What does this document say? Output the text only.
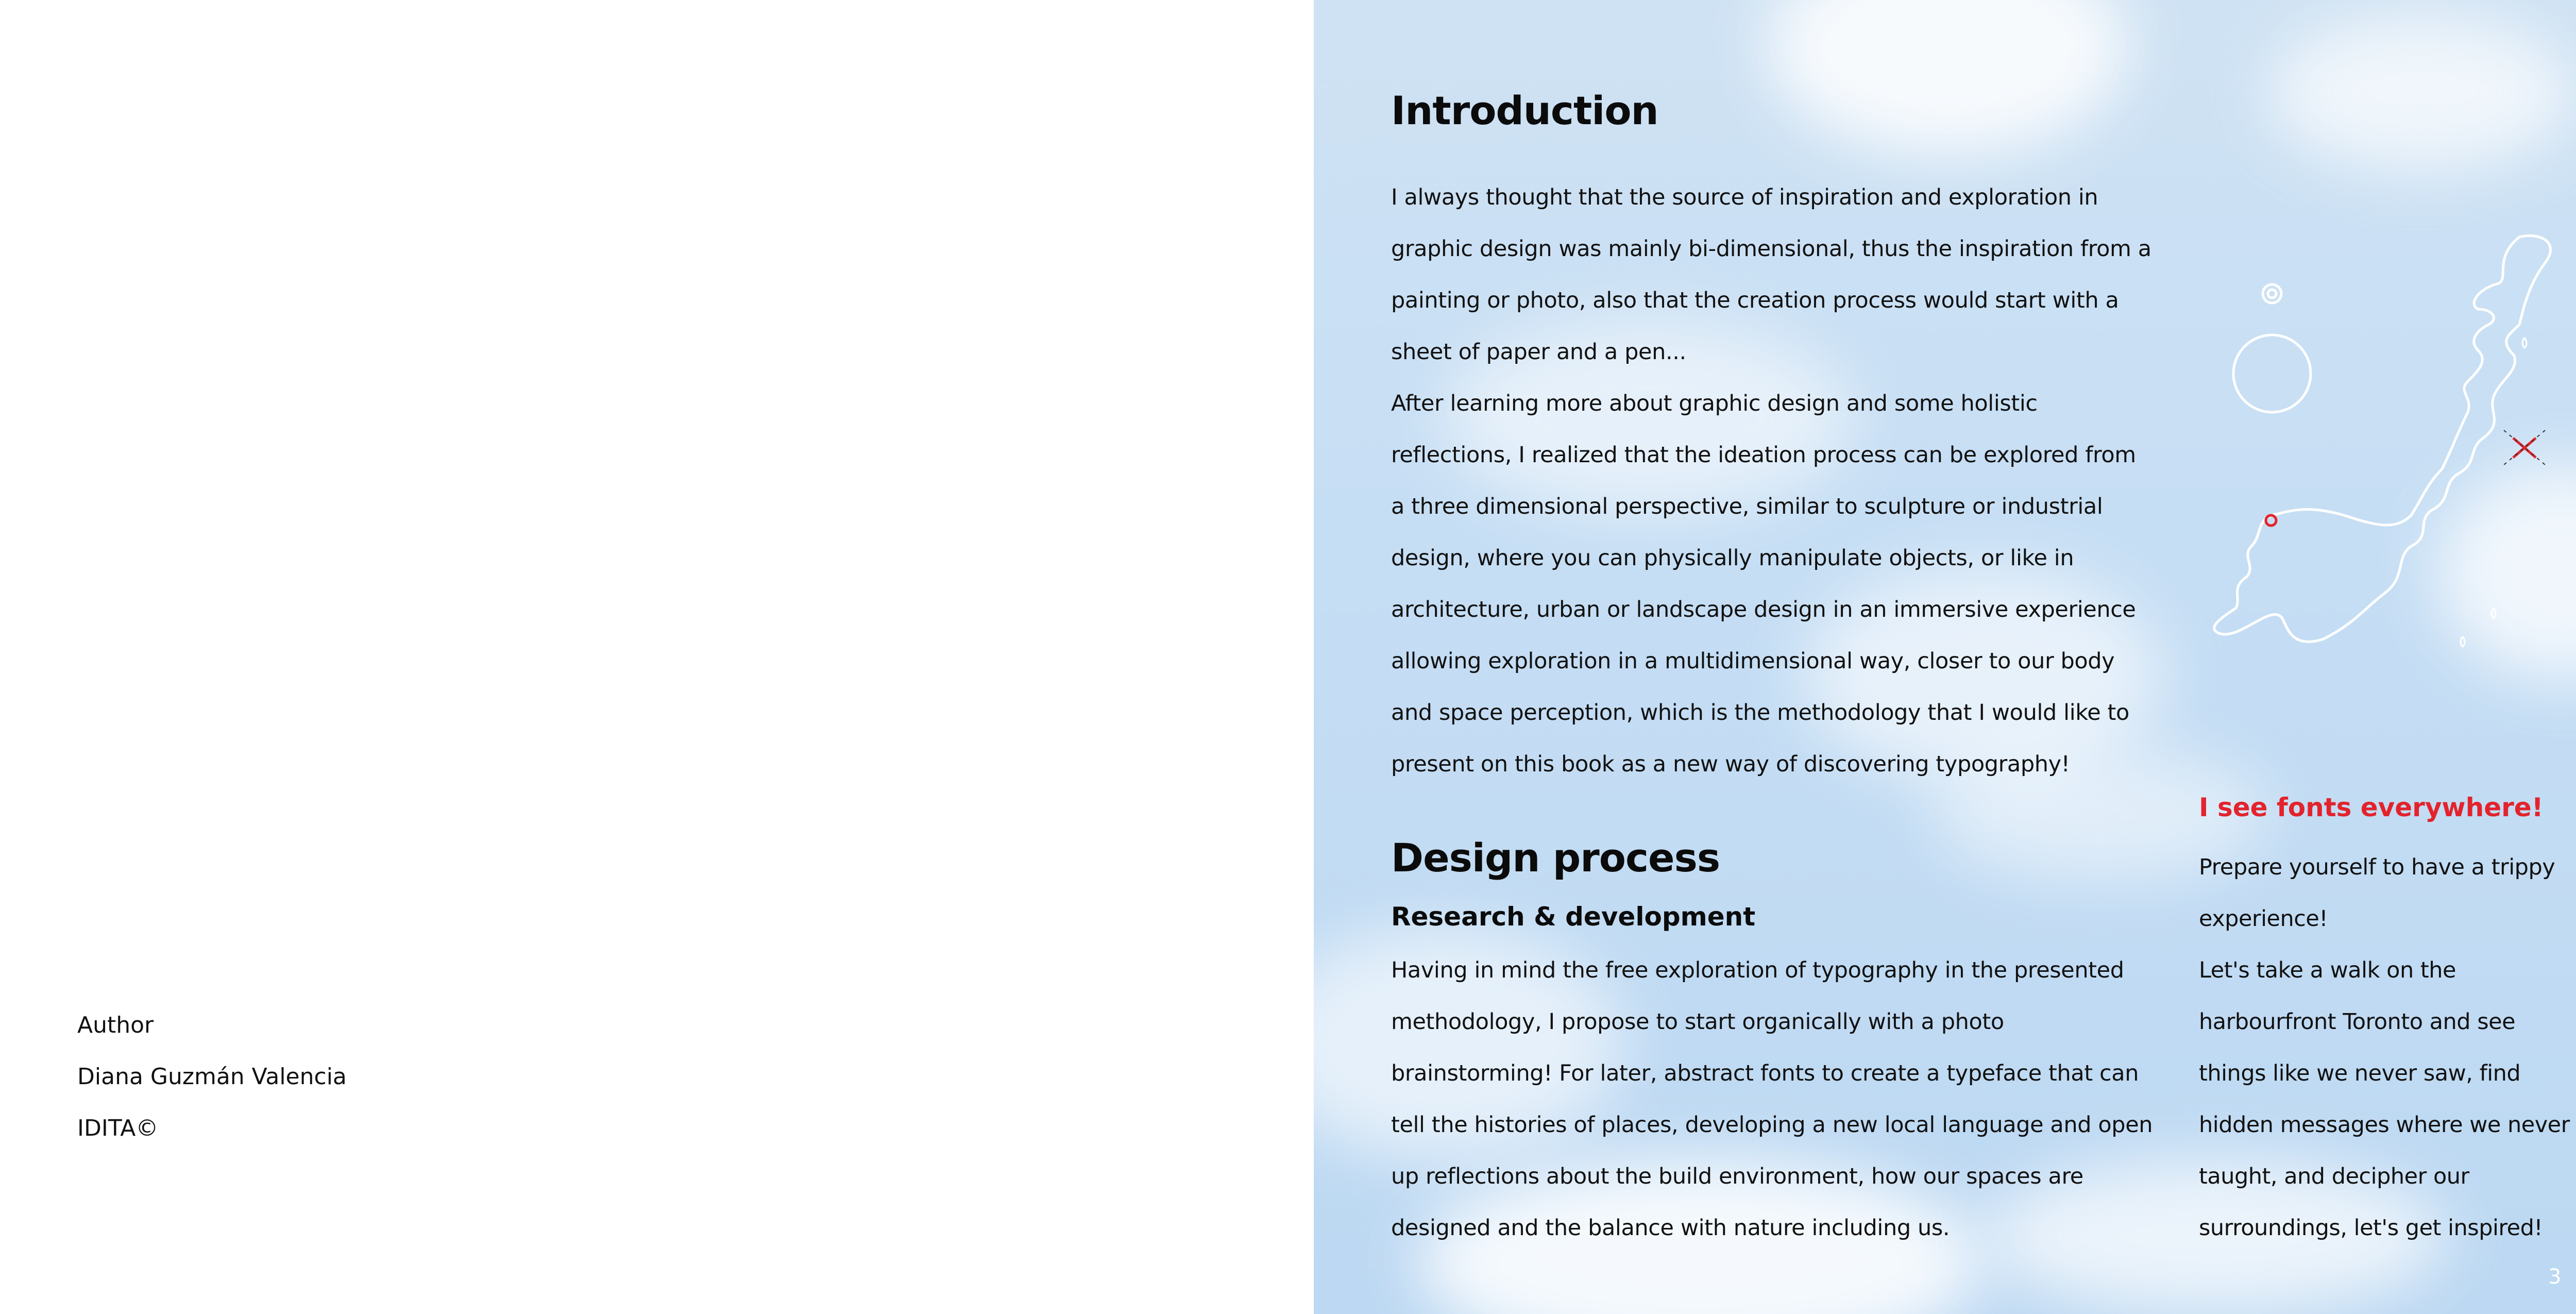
Author
Diana Guzmán Valencia
IDITA©
Introduction

I always thought that the source of inspiration and exploration in graphic design was mainly bi-dimensional, thus the inspiration from a painting or photo, also that the creation process would start with a sheet of paper and a pen...

After learning more about graphic design and some holistic reflections, I realized that the ideation process can be explored from a three dimensional perspective, similar to sculpture or industrial design, where you can physically manipulate objects, or like in architecture, urban or landscape design in an immersive experience allowing exploration in a multidimensional way, closer to our body and space perception, which is the methodology that I would like to present on this book as a new way of discovering typography!

Design process
Research & development

Having in mind the free exploration of typography in the presented methodology, I propose to start organically with a photo brainstorming! For later, abstract fonts to create a typeface that can tell the histories of places, developing a new local language and open up reflections about the build environment, how our spaces are designed and the balance with nature including us.

I see fonts everywhere!

Prepare yourself to have a trippy experience!

Let's take a walk on the harbourfront Toronto and see things like we never saw, find hidden messages where we never taught, and decipher our surroundings, let's get inspired!

3
